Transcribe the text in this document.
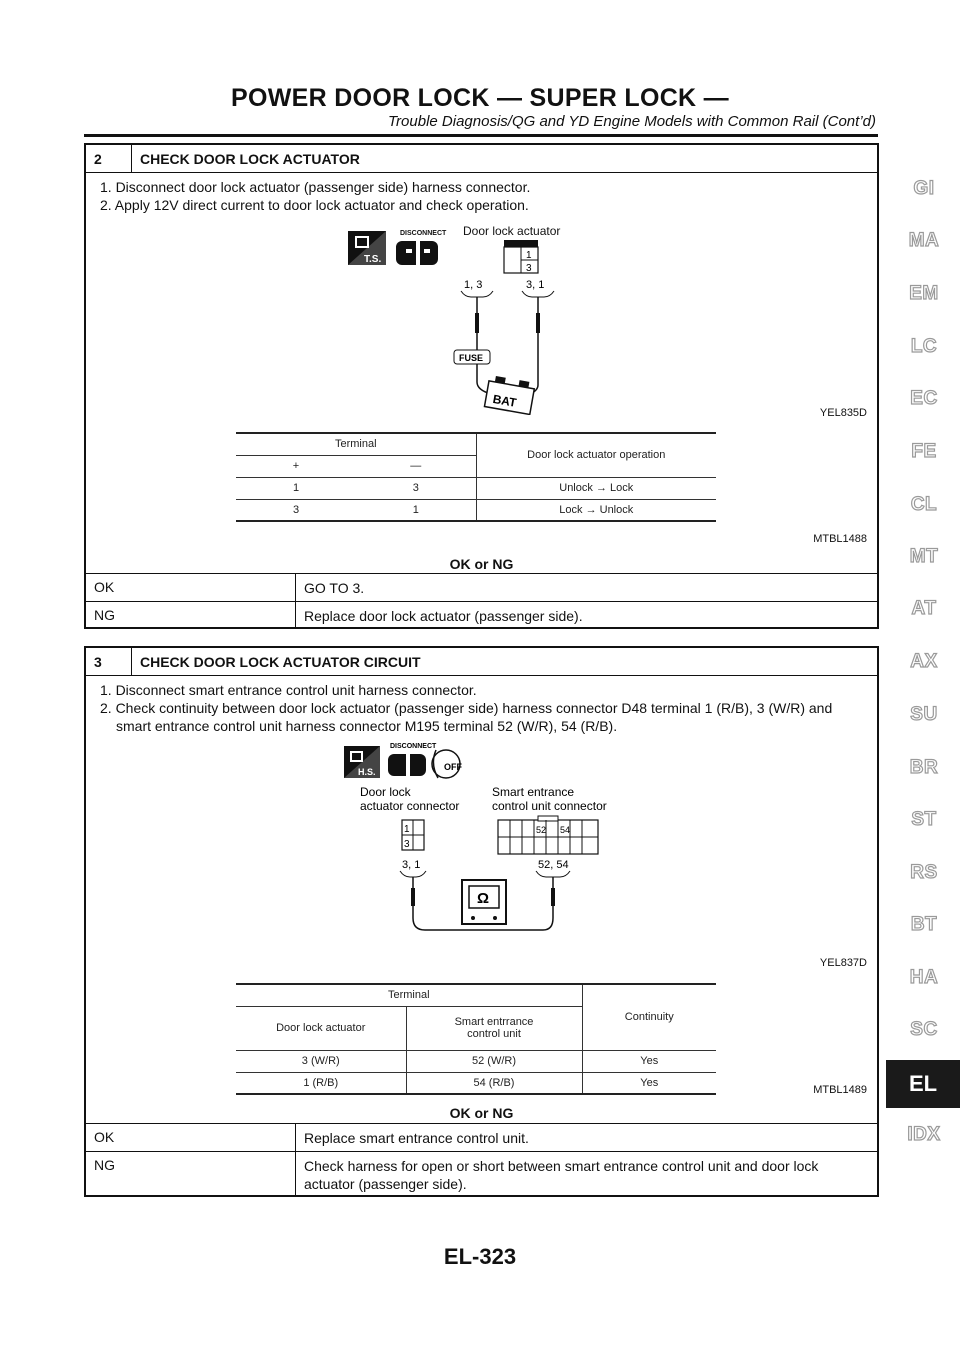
POWER DOOR LOCK — SUPER LOCK —
Trouble Diagnosis/QG and YD Engine Models with Common Rail (Cont’d)
2	CHECK DOOR LOCK ACTUATOR
1. Disconnect door lock actuator (passenger side) harness connector.
2. Apply 12V direct current to door lock actuator and check operation.
T.S.
DISCONNECT Door lock actuator
1
3
1, 3	3, 1
FUSE
BAT
YEL835D
Terminal		Door lock actuator operation
+	—	
1	3	Unlock → Lock
3	1	Lock → Unlock
MTBL1488
OK or NG
OK	GO TO 3.
NG	Replace door lock actuator (passenger side).
3	CHECK DOOR LOCK ACTUATOR CIRCUIT
1. Disconnect smart entrance control unit harness connector.
2. Check continuity between door lock actuator (passenger side) harness connector D48 terminal 1 (R/B), 3 (W/R) and
smart entrance control unit harness connector M195 terminal 52 (W/R), 54 (R/B).
H.S.
DISCONNECT
OFF
Door lock
actuator connector
Smart entrance
control unit connector
1
3
52 54
3, 1	52, 54
Ω
YEL837D
Terminal		Continuity
Door lock actuator	Smart entrrance
control unit	
3 (W/R)	52 (W/R)	Yes
1 (R/B)	54 (R/B)	Yes
MTBL1489
OK or NG
OK	Replace smart entrance control unit.
NG	Check harness for open or short between smart entrance control unit and door lock
actuator (passenger side).
GI
MA
EM
LC
EC
FE
CL
MT
AT
AX
SU
BR
ST
RS
BT
HA
SC
EL
IDX
EL-323
